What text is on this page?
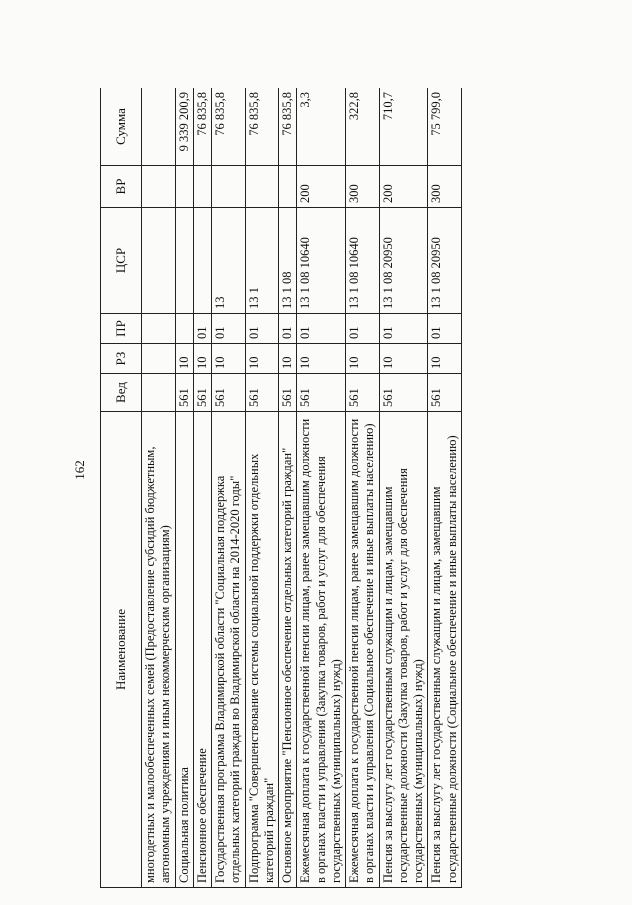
162
Наименование	Вед	РЗ	ПР	ЦСР	ВР	Сумма
многодетных и малообеспеченных семей (Предоставление субсидий бюджетным, автономным учреждениям и иным некоммерческим организациям)						
Социальная политика	561	10				9 339 200,9
Пенсионное обеспечение	561	10	01			76 835,8
Государственная программа Владимирской области "Социальная поддержка отдельных категорий граждан во Владимирской области на 2014-2020 годы"	561	10	01	13		76 835,8
Подпрограмма "Совершенствование системы социальной поддержки отдельных категорий граждан"	561	10	01	13 1		76 835,8
Основное мероприятие "Пенсионное обеспечение отдельных категорий граждан"	561	10	01	13 1 08		76 835,8
Ежемесячная доплата к государственной пенсии лицам, ранее замещавшим должности в органах власти и управления (Закупка товаров, работ и услуг для обеспечения государственных (муниципальных) нужд)	561	10	01	13 1 08 10640	200	3,3
Ежемесячная доплата к государственной пенсии лицам, ранее замещавшим должности в органах власти и управления (Социальное обеспечение и иные выплаты населению)	561	10	01	13 1 08 10640	300	322,8
Пенсия за выслугу лет государственным служащим и лицам, замещавшим государственные должности (Закупка товаров, работ и услуг для обеспечения государственных (муниципальных) нужд)	561	10	01	13 1 08 20950	200	710,7
Пенсия за выслугу лет государственным служащим и лицам, замещавшим государственные должности (Социальное обеспечение и иные выплаты населению)	561	10	01	13 1 08 20950	300	75 799,0
